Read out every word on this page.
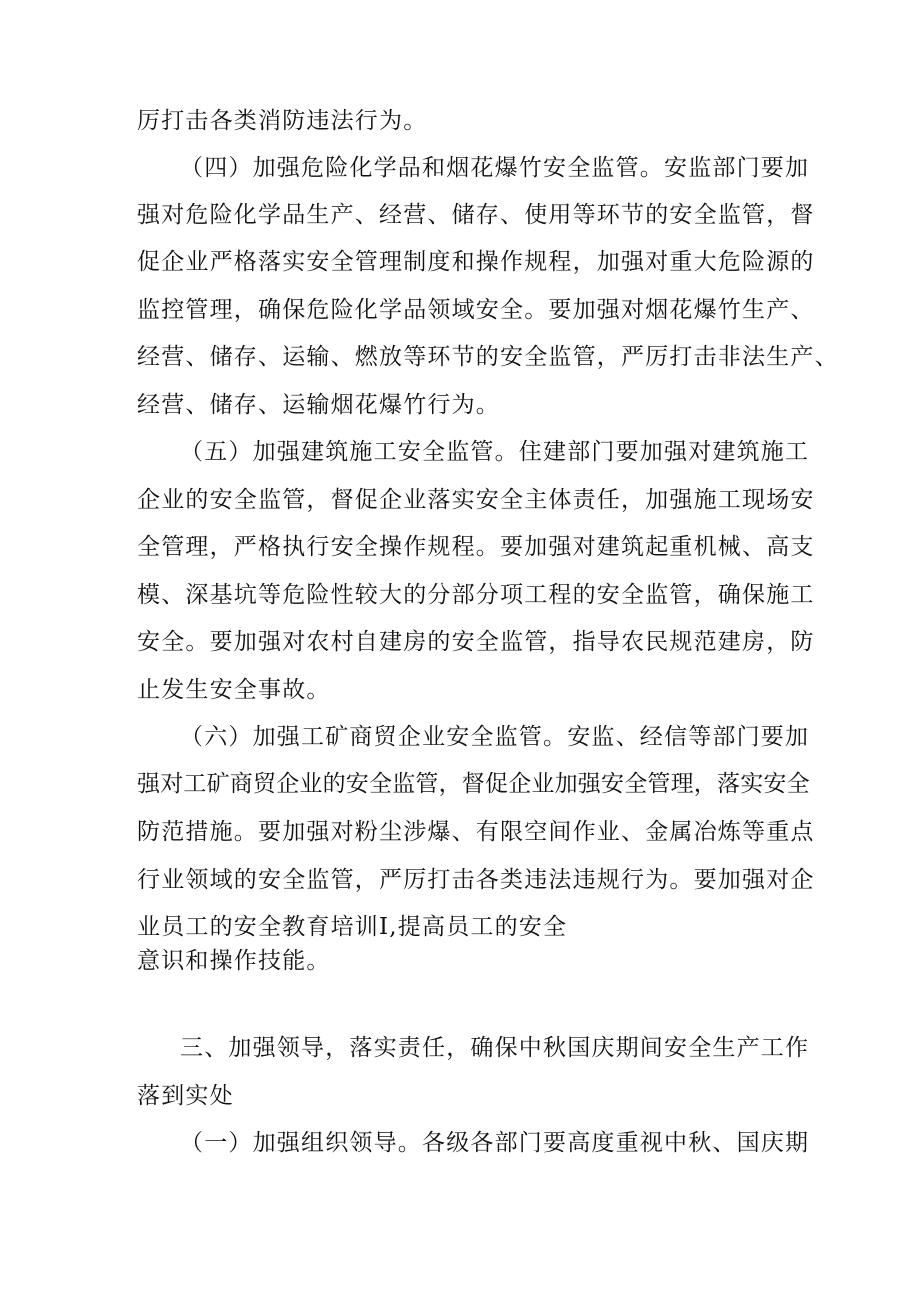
厉打击各类消防违法行为。
（四）加强危险化学品和烟花爆竹安全监管。安监部门要加
强对危险化学品生产、经营、储存、使用等环节的安全监管，督
促企业严格落实安全管理制度和操作规程，加强对重大危险源的
监控管理，确保危险化学品领域安全。要加强对烟花爆竹生产、
经营、储存、运输、燃放等环节的安全监管，严厉打击非法生产、
经营、储存、运输烟花爆竹行为。
（五）加强建筑施工安全监管。住建部门要加强对建筑施工
企业的安全监管，督促企业落实安全主体责任，加强施工现场安
全管理，严格执行安全操作规程。要加强对建筑起重机械、高支
模、深基坑等危险性较大的分部分项工程的安全监管，确保施工
安全。要加强对农村自建房的安全监管，指导农民规范建房，防
止发生安全事故。
（六）加强工矿商贸企业安全监管。安监、经信等部门要加
强对工矿商贸企业的安全监管，督促企业加强安全管理，落实安全
防范措施。要加强对粉尘涉爆、有限空间作业、金属冶炼等重点
行业领域的安全监管，严厉打击各类违法违规行为。要加强对企
业员工的安全教育培训I,提高员工的安全
意识和操作技能。
三、加强领导，落实责任，确保中秋国庆期间安全生产工作
落到实处
（一）加强组织领导。各级各部门要高度重视中秋、国庆期
